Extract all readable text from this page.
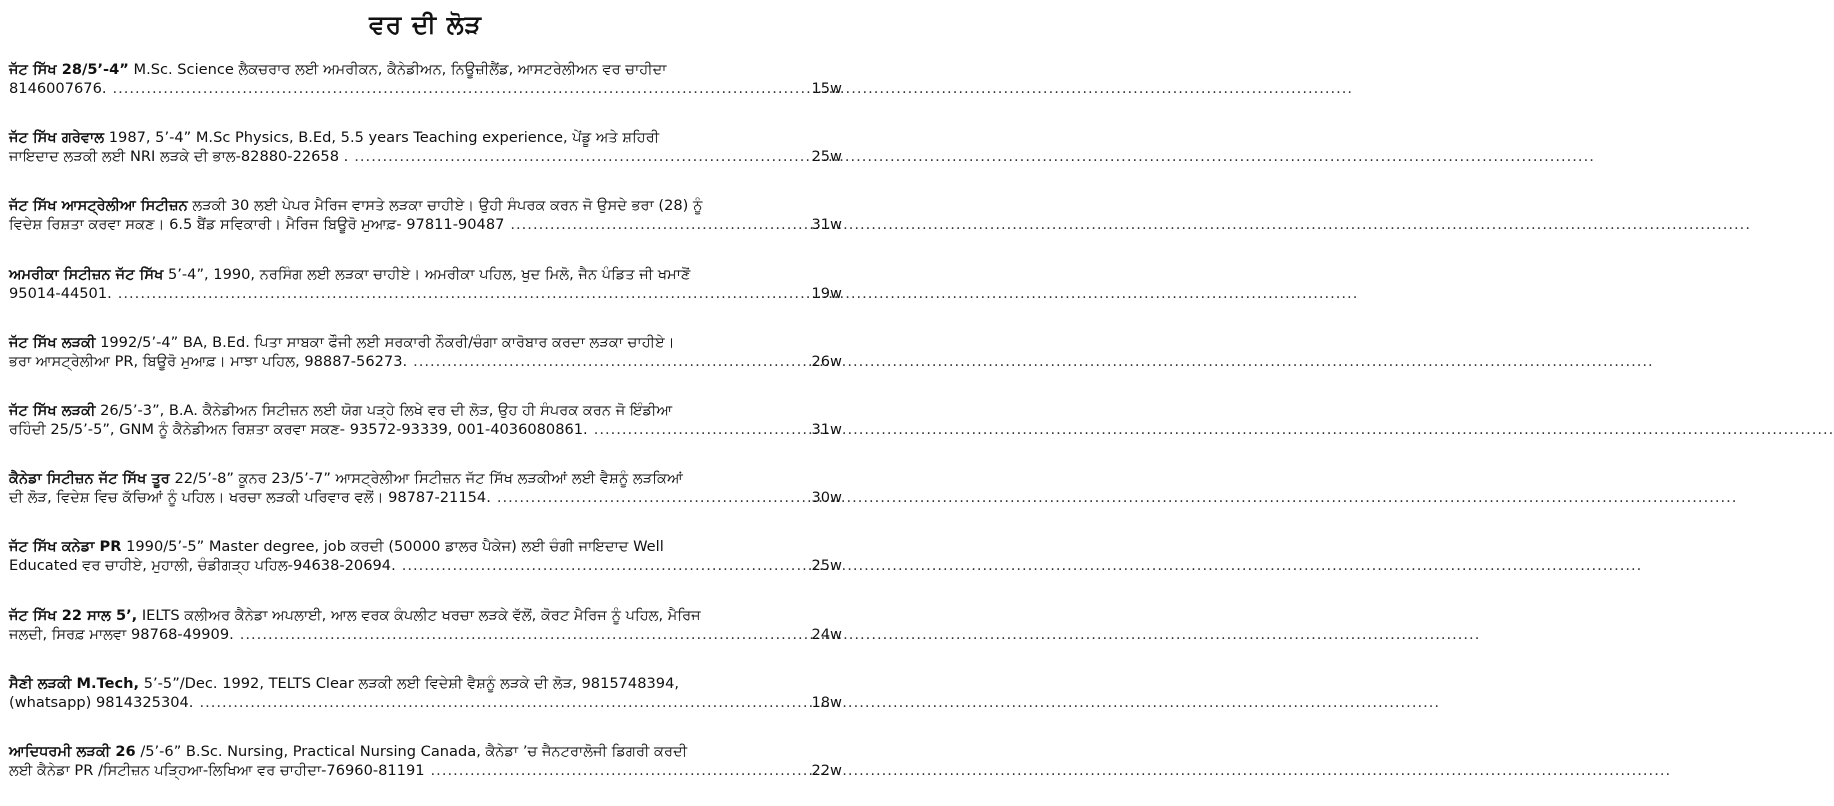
ਵਰ ਦੀ ਲੋੜ
ਜੱਟ ਸਿੱਖ 28/5’-4” M.Sc. Science ਲੈਕਚਰਾਰ ਲਈ ਅਮਰੀਕਨ, ਕੈਨੇਡੀਅਨ, ਨਿਊਜ਼ੀਲੈਂਡ, ਆਸਟਰੇਲੀਅਨ ਵਰ ਚਾਹੀਦਾ
8146007676. .....	15w
ਜੱਟ ਸਿੱਖ ਗਰੇਵਾਲ 1987, 5’-4” M.Sc Physics, B.Ed, 5.5 years Teaching experience, ਪੇਂਡੂ ਅਤੇ ਸ਼ਹਿਰੀ
ਜਾਇਦਾਦ ਲੜਕੀ ਲਈ NRI ਲੜਕੇ ਦੀ ਭਾਲ-82880-22658 . .....	25w
ਜੱਟ ਸਿੱਖ ਆਸਟ੍ਰੇਲੀਆ ਸਿਟੀਜ਼ਨ ਲੜਕੀ 30 ਲਈ ਪੇਪਰ ਮੈਰਿਜ ਵਾਸਤੇ ਲੜਕਾ ਚਾਹੀਏ। ਉਹੀ ਸੰਪਰਕ ਕਰਨ ਜੋ ਉਸਦੇ ਭਰਾ (28) ਨੂੰ
ਵਿਦੇਸ਼ ਰਿਸ਼ਤਾ ਕਰਵਾ ਸਕਣ। 6.5 ਬੈਂਡ ਸਵਿਕਾਰੀ। ਮੈਰਿਜ ਬਿਊਰੋ ਮੁਆਫ਼- 97811-90487 .....	31w
ਅਮਰੀਕਾ ਸਿਟੀਜ਼ਨ ਜੱਟ ਸਿੱਖ 5’-4”, 1990, ਨਰਸਿੰਗ ਲਈ ਲੜਕਾ ਚਾਹੀਏ। ਅਮਰੀਕਾ ਪਹਿਲ, ਖੁਦ ਮਿਲੋ, ਜੈਨ ਪੰਡਿਤ ਜੀ ਖਮਾਣੋਂ
95014-44501. .....	19w
ਜੱਟ ਸਿੱਖ ਲੜਕੀ 1992/5’-4” BA, B.Ed. ਪਿਤਾ ਸਾਬਕਾ ਫੌਜੀ ਲਈ ਸਰਕਾਰੀ ਨੌਕਰੀ/ਚੰਗਾ ਕਾਰੋਬਾਰ ਕਰਦਾ ਲੜਕਾ ਚਾਹੀਏ।
ਭਰਾ ਆਸਟ੍ਰੇਲੀਆ PR, ਬਿਊਰੋ ਮੁਆਫ਼। ਮਾਝਾ ਪਹਿਲ, 98887-56273. .....	26w
ਜੱਟ ਸਿੱਖ ਲੜਕੀ 26/5’-3”, B.A. ਕੈਨੇਡੀਅਨ ਸਿਟੀਜ਼ਨ ਲਈ ਯੋਗ ਪੜ੍ਹੇ ਲਿਖੇ ਵਰ ਦੀ ਲੋੜ, ਉਹ ਹੀ ਸੰਪਰਕ ਕਰਨ ਜੋ ਇੰਡੀਆ
ਰਹਿੰਦੀ 25/5’-5”, GNM ਨੂੰ ਕੈਨੇਡੀਅਨ ਰਿਸ਼ਤਾ ਕਰਵਾ ਸਕਣ- 93572-93339, 001-4036080861. .....	31w
ਕੈਨੇਡਾ ਸਿਟੀਜ਼ਨ ਜੱਟ ਸਿੱਖ ਤੂਰ 22/5’-8” ਕੂਨਰ 23/5’-7” ਆਸਟ੍ਰੇਲੀਆ ਸਿਟੀਜ਼ਨ ਜੱਟ ਸਿੱਖ ਲੜਕੀਆਂ ਲਈ ਵੈਸ਼ਨੂੰ ਲੜਕਿਆਂ
ਦੀ ਲੋੜ, ਵਿਦੇਸ਼ ਵਿਚ ਕੱਚਿਆਂ ਨੂੰ ਪਹਿਲ। ਖਰਚਾ ਲੜਕੀ ਪਰਿਵਾਰ ਵਲੋਂ। 98787-21154. .....	30w
ਜੱਟ ਸਿੱਖ ਕਨੇਡਾ PR 1990/5’-5” Master degree, job ਕਰਦੀ (50000 ਡਾਲਰ ਪੈਕੇਜ) ਲਈ ਚੰਗੀ ਜਾਇਦਾਦ Well
Educated ਵਰ ਚਾਹੀਏ, ਮੁਹਾਲੀ, ਚੰਡੀਗੜ੍ਹ ਪਹਿਲ-94638-20694. .....	25w
ਜੱਟ ਸਿੱਖ 22 ਸਾਲ 5’, IELTS ਕਲੀਅਰ ਕੈਨੇਡਾ ਅਪਲਾਈ, ਆਲ ਵਰਕ ਕੰਪਲੀਟ ਖਰਚਾ ਲੜਕੇ ਵੱਲੋਂ, ਕੋਰਟ ਮੈਰਿਜ ਨੂੰ ਪਹਿਲ, ਮੈਰਿਜ
ਜਲਦੀ, ਸਿਰਫ਼ ਮਾਲਵਾ 98768-49909. .....	24w
ਸੈਣੀ ਲੜਕੀ M.Tech, 5’-5”/Dec. 1992, TELTS Clear ਲੜਕੀ ਲਈ ਵਿਦੇਸ਼ੀ ਵੈਸ਼ਨੂੰ ਲੜਕੇ ਦੀ ਲੋੜ, 9815748394,
(whatsapp) 9814325304. .....	18w
ਆਦਿਧਰਮੀ ਲੜਕੀ 26 /5’-6” B.Sc. Nursing, Practical Nursing Canada, ਕੈਨੇਡਾ ’ਚ ਜੈਨਟਰਾਲੋਜੀ ਡਿਗਰੀ ਕਰਦੀ
ਲਈ ਕੈਨੇਡਾ PR /ਸਿਟੀਜ਼ਨ ਪੜ੍ਹਿਆ-ਲਿਖਿਆ ਵਰ ਚਾਹੀਦਾ-76960-81191 .....	22w
